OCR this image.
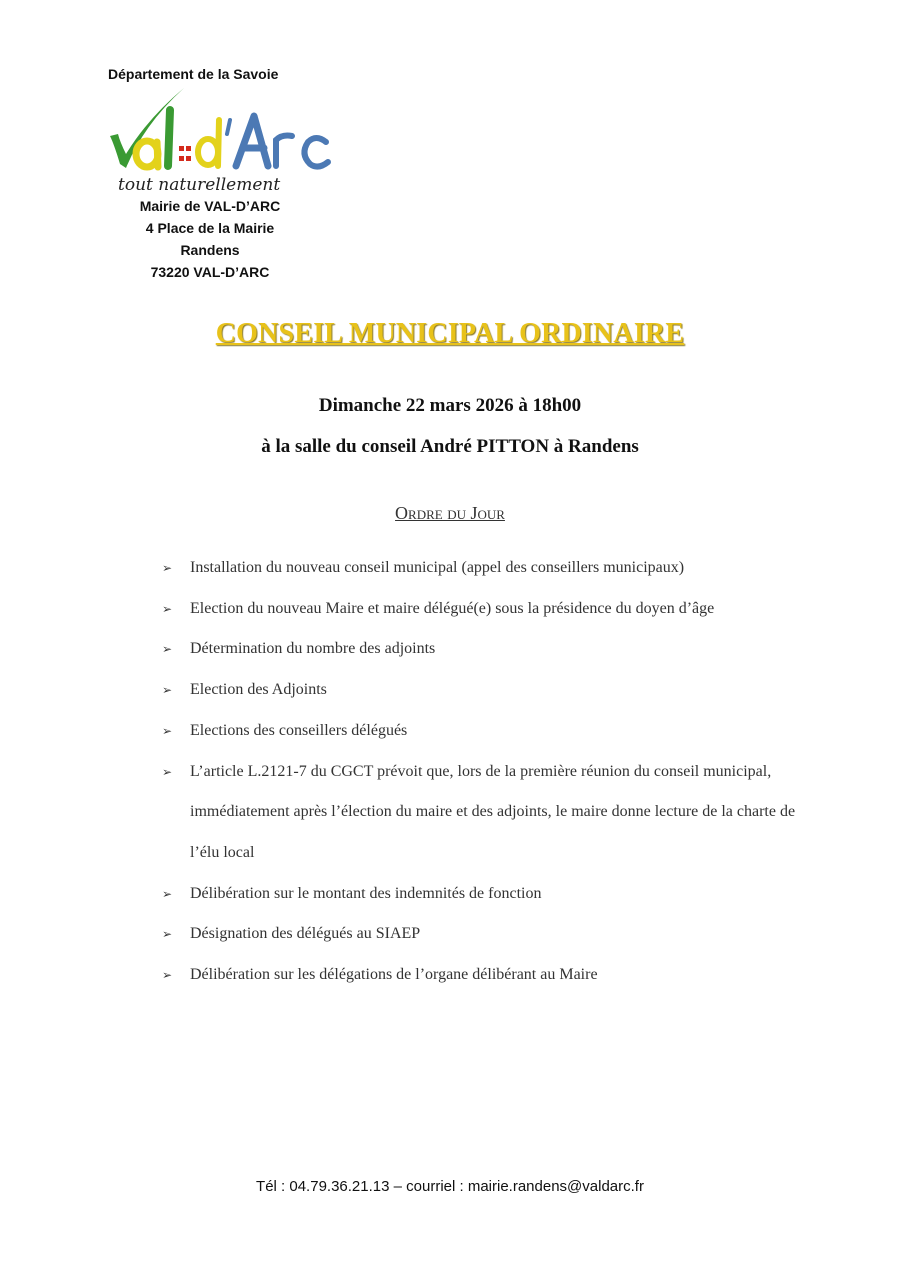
Département de la Savoie
tout naturellement
Mairie de VAL-D’ARC
4 Place de la Mairie
Randens
73220 VAL-D’ARC
CONSEIL MUNICIPAL ORDINAIRE
Dimanche 22 mars 2026 à 18h00
à la salle du conseil André PITTON à Randens
Ordre du Jour
➢ Installation du nouveau conseil municipal (appel des conseillers municipaux)
➢ Election du nouveau Maire et maire délégué(e) sous la présidence du doyen d’âge
➢ Détermination du nombre des adjoints
➢ Election des Adjoints
➢ Elections des conseillers délégués
➢ L’article L.2121-7 du CGCT prévoit que, lors de la première réunion du conseil municipal, immédiatement après l’élection du maire et des adjoints, le maire donne lecture de la charte de l’élu local
➢ Délibération sur le montant des indemnités de fonction
➢ Désignation des délégués au SIAEP
➢ Délibération sur les délégations de l’organe délibérant au Maire
Tél : 04.79.36.21.13 – courriel : mairie.randens@valdarc.fr
